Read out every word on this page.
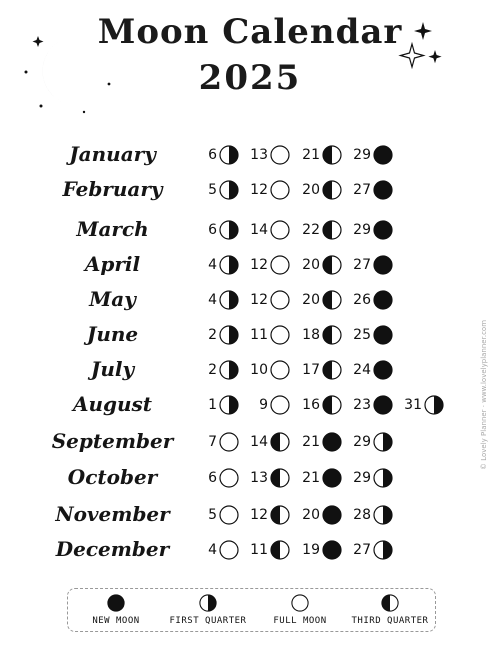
Moon Calendar
2025
January	6	13	21	29
February	5	12	20	27
March	6	14	22	29
April	4	12	20	27
May	4	12	20	26
June	2	11	18	25
July	2	10	17	24
August	1	9	16	23	31
September	7	14	21	29
October	6	13	21	29
November	5	12	20	28
December	4	11	19	27
NEW MOON	FIRST QUARTER	FULL MOON	THIRD QUARTER
© Lovely Planner · www.lovelyplanner.com
